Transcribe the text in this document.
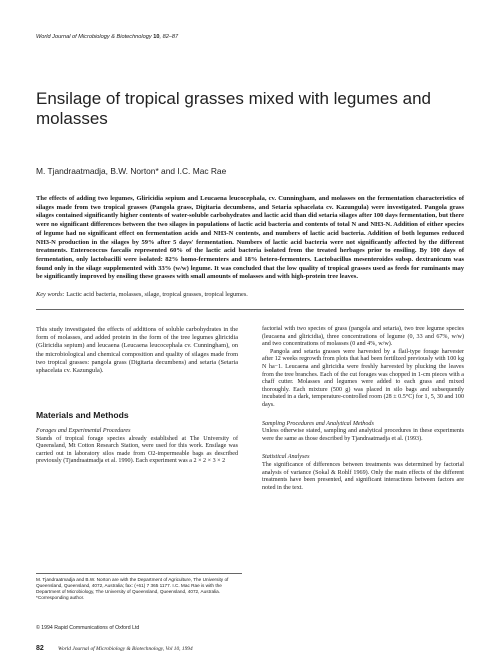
World Journal of Microbiology & Biotechnology 10, 82–87
Ensilage of tropical grasses mixed with legumes and molasses
M. Tjandraatmadja, B.W. Norton* and I.C. Mac Rae

The effects of adding two legumes, Gliricidia sepium and Leucaena leucocephala, cv. Cunningham, and molasses on the fermentation characteristics of silages made from two tropical grasses (Pangola grass, Digitaria decumbens, and Setaria sphacelata cv. Kazungula) were investigated. Pangola grass silages contained significantly higher contents of water-soluble carbohydrates and lactic acid than did setaria silages after 100 days fermentation, but there were no significant differences between the two silages in populations of lactic acid bacteria and contents of total N and NH3-N. Addition of either species of legume had no significant effect on fermentation acids and NH3-N contents, and numbers of lactic acid bacteria. Addition of both legumes reduced NH3-N production in the silages by 59% after 5 days' fermentation. Numbers of lactic acid bacteria were not significantly affected by the different treatments. Enterococcus faecalis represented 60% of the lactic acid bacteria isolated from the treated herbages prior to ensiling. By 100 days of fermentation, only lactobacilli were isolated: 82% homo-fermenters and 18% hetero-fermenters. Lactobacillus mesenteroides subsp. dextranicum was found only in the silage supplemented with 33% (w/w) legume. It was concluded that the low quality of tropical grasses used as feeds for ruminants may be significantly improved by ensiling these grasses with small amounts of molasses and with high-protein tree leaves.

Key words: Lactic acid bacteria, molasses, silage, tropical grasses, tropical legumes.

This study investigated the effects of additions of soluble carbohydrates in the form of molasses, and added protein in the form of the tree legumes gliricidia (Gliricidia sepium) and leucaena (Leucaena leucocephala cv. Cunningham), on the microbiological and chemical composition and quality of silages made from two tropical grasses: pangola grass (Digitaria decumbens) and setaria (Setaria sphacelata cv. Kazungula).

Materials and Methods

Forages and Experimental Procedures

Stands of tropical forage species already established at The University of Queensland, Mt Cotton Research Station, were used for this work. Ensilage was carried out in laboratory silos made from O2-impermeable bags as described previously (Tjandraatmadja et al. 1990). Each experiment was a 2 × 2 × 3 × 2

factorial with two species of grass (pangola and setaria), two tree legume species (leucaena and gliricidia), three concentrations of legume (0, 33 and 67%, w/w) and two concentrations of molasses (0 and 4%, w/w).

Pangola and setaria grasses were harvested by a flail-type forage harvester after 12 weeks regrowth from plots that had been fertilized previously with 100 kg N ha−1. Leucaena and gliricidia were freshly harvested by plucking the leaves from the tree branches. Each of the cut forages was chopped in 1-cm pieces with a chaff cutter. Molasses and legumes were added to each grass and mixed thoroughly. Each mixture (500 g) was placed in silo bags and subsequently incubated in a dark, temperature-controlled room (28 ± 0.5°C) for 1, 5, 30 and 100 days.

Sampling Procedures and Analytical Methods

Unless otherwise stated, sampling and analytical procedures in these experiments were the same as those described by Tjandraatmadja et al. (1993).

Statistical Analyses

The significance of differences between treatments was determined by factorial analysis of variance (Sokal & Rohlf 1969). Only the main effects of the different treatments have been presented, and significant interactions between factors are noted in the text.

M. Tjandraatmadja and B.W. Norton are with the Department of Agriculture, The University of Queensland, Queensland, 4072, Australia; fax: (+61) 7 365 1177. I.C. Mac Rae is with the Department of Microbiology, The University of Queensland, Queensland, 4072, Australia. *Corresponding author.

© 1994 Rapid Communications of Oxford Ltd
82	World Journal of Microbiology & Biotechnology, Vol 10, 1994
